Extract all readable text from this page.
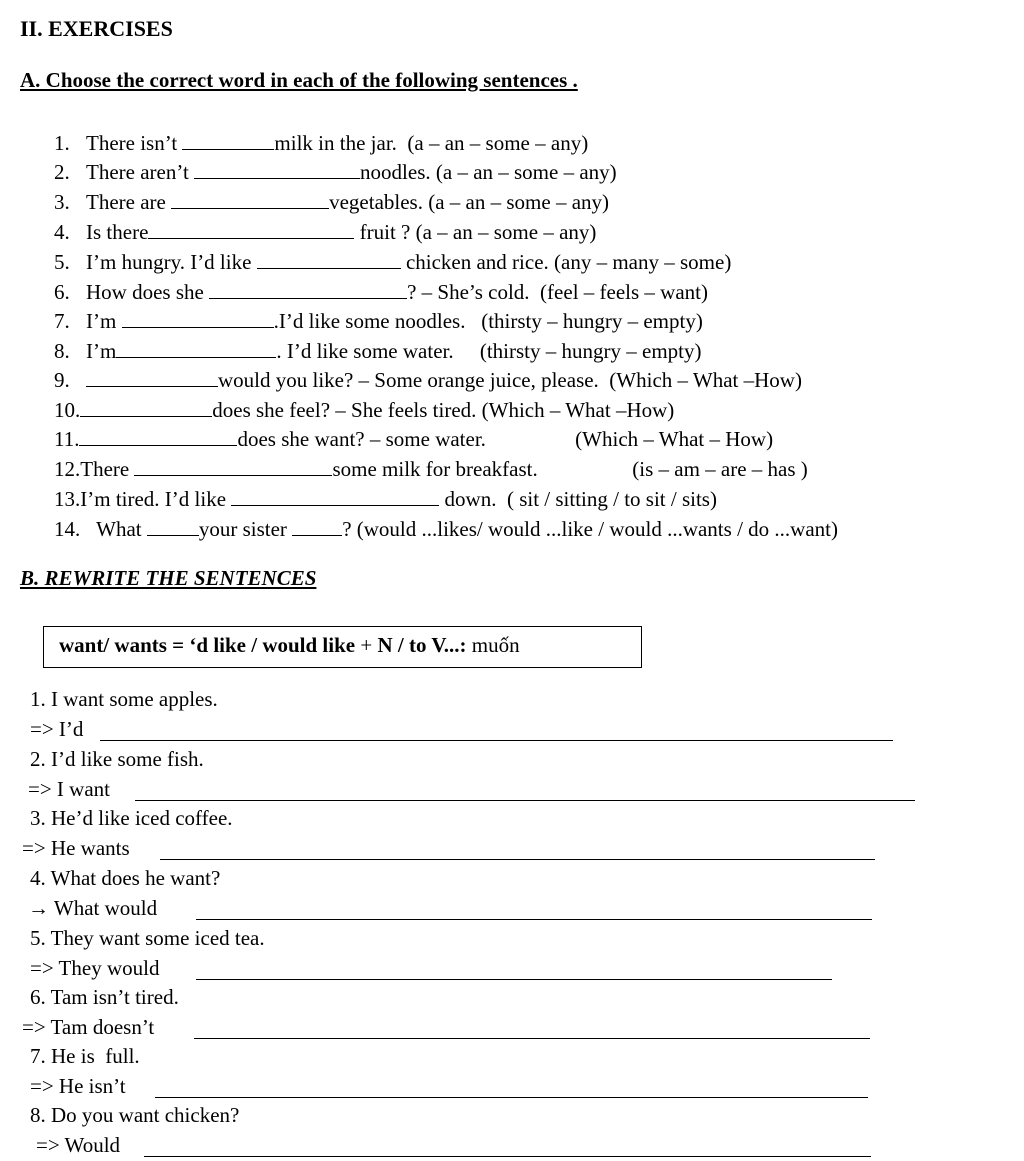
II. EXERCISES
A. Choose the correct word in each of the following sentences .
1. There isn’t	milk in the jar.  (a – an – some – any)
2. There aren’t	noodles. (a – an – some – any)
3. There are	vegetables. (a – an – some – any)
4. Is there	fruit ? (a – an – some – any)
5. I’m hungry. I’d like	chicken and rice. (any – many – some)
6. How does she	? – She’s cold.  (feel – feels – want)
7. I’m	.I’d like some noodles.   (thirsty – hungry – empty)
8. I’m	. I’d like some water.     (thirsty – hungry – empty)
9.	would you like? – Some orange juice, please.  (Which – What –How)
10.	does she feel? – She feels tired. (Which – What –How)
11.	does she want? – some water.                 (Which – What – How)
12.There	some milk for breakfast.                  (is – am – are – has )
13.I’m tired. I’d like	down.  ( sit / sitting / to sit / sits)
14. What	your sister	? (would ...likes/ would ...like / would ...wants / do ...want)
B. REWRITE THE SENTENCES
want/ wants = ‘d like / would like + N / to V...: muốn
1. I want some apples.
=> I’d
2. I’d like some fish.
=> I want
3. He’d like iced coffee.
=> He wants
4. What does he want?
→ What would
5. They want some iced tea.
=> They would
6. Tam isn’t tired.
=> Tam doesn’t
7. He is  full.
=> He isn’t
8. Do you want chicken?
=> Would
